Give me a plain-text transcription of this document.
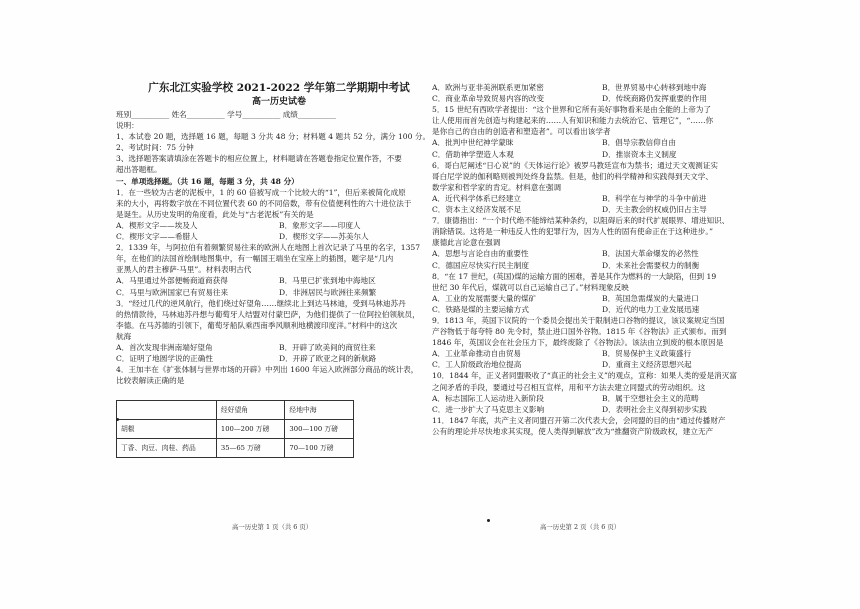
广东北江实验学校 2021-2022 学年第二学期期中考试
高一历史试卷
班别__________ 姓名__________ 学号__________ 成绩__________
说明：
1、本试卷 20 题，选择题 16 题，每题 3 分共 48 分；材料题 4 题共 52 分，满分 100 分。
2、考试时间：75 分钟
3、选择题答案请填涂在答题卡的相应位置上，材料题请在答题卷指定位置作答，不要
超出答题框。
一、单项选择题。（共 16 题，每题 3 分，共 48 分）
1．在一些较为古老的泥板中，1 的 60 倍被写成一个比较大的“1”，但后来被简化成原
来的大小，再将数字放在不同位置代表 60 的不同倍数，带有位值便利性的六十进位法于
是诞生。从历史发明的角度看，此处与“古老泥板”有关的是
A．楔形文字——埃及人	B．象形文字——印度人
C．楔形文字——希腊人	D．楔形文字——苏美尔人
2．1339 年，与阿拉伯有着频繁贸易往来的欧洲人在地图上首次记录了马里的名字，1357
年，在他们的法国首绘制地图集中，有一幅国王端坐在宝座上的插图，题字是“几内
亚黑人的君主穆萨·马里”。材料表明古代
A．马里通过外部便畅商道商获得	B．马里已扩张到地中海地区
C．马里与欧洲国家已有贸易往来	D．非洲居民与欧洲往来频繁
3．“经过几代的逆风航行，他们绕过好望角……继续北上到达马林迪，受到马林迪苏丹
的热情款待，马林迪苏丹想与葡萄牙人结盟对付蒙巴萨，为他们提供了一位阿拉伯领航员，
李德。在马苏德的引领下，葡萄牙船队乘西南季风顺利地横渡印度洋。”材料中的这次
航海
A．首次发现非洲南端好望角	B．开辟了欧美间的商贸往来
C．证明了地圆学说的正确性	D．开辟了欧亚之间的新航路
4．王加丰在《扩张体制与世界市场的开辟》中列出 1600 年运入欧洲部分商品的统计表，
比较表解读正确的是
	经好望角	经地中海
胡椒	100—200 万磅	300—100 万磅
丁香、肉豆、肉桂、药品	35—65 万磅	70—100 万磅
高一历史第 1 页（共 6 页）
A．欧洲与亚非美洲联系更加紧密	B．世界贸易中心转移到地中海
C．商业革命导致贸易内容的改变	D．传统商路仍发挥重要的作用
5．15 世纪有西欧学者提出：“这个世界和它所有美好事物看来是由全能的上帝为了
让人使用而首先创造与构建起来的……人有知识和能力去统治它、管理它”，“……你
是你自己的自由的创造者和塑造者”。可以看出该学者
A．批判中世纪神学蒙昧	B．倡导宗教信仰自由
C．借助神学塑造人本观	D．推崇资本主义制度
6．哥白尼阐述“日心说”的《天体运行论》被罗马教廷宣布为禁书；通过天文观测证实
哥白尼学说的伽利略则被判处终身监禁。但是，他们的科学精神和实践得到天文学、
数学家和哲学家的肯定。材料意在强调
A．近代科学体系已经建立	B．科学在与神学的斗争中前进
C．资本主义经济发展不足	D．天主教会的权威仍旧占主导
7．康德指出：“一个时代绝不能缔结某种条约，以阻碍后来的时代扩展眼界、增进知识、
消除错误。这将是一种违反人性的犯罪行为，因为人性的固有使命正在于这种进步。”
康德此言论意在强调
A．思想与言论自由的重要性	B．法国大革命爆发的必然性
C．德国应尽快实行民主制度	D．未来社会需要权力的制衡
8．“在 17 世纪，(英国)煤的运输方面的困难，普是其作为燃料的一大缺陷，但到 19
世纪 30 年代后，煤就可以自己运输自己了。”材料现象反映
A．工业的发展需要大量的煤矿	B．英国急需煤炭的大量进口
C．铁路是煤的主要运输方式	D．近代的电力工业发展迅速
9．1813 年，英国下议院的一个委员会提出关于限制进口谷物的提议，该议案规定当国
产谷物低于每夸特 80 先令时，禁止进口国外谷物。1815 年《谷物法》正式颁布。而到
1846 年，英国议会在社会压力下，最终废除了《谷物法》。该法由立到废的根本原因是
A．工业革命推动自由贸易	B．贸易保护主义政策盛行
C．工人阶级政治地位提高	D．重商主义经济思想兴起
10．1844 年，正义者同盟吸收了“真正的社会主义”的观点，宣称：如果人类的爱是消灭富
之间矛盾的手段，要通过号召相互宣样，用和平方法去建立同盟式的劳动组织。这
A．标志国际工人运动进入新阶段	B．属于空想社会主义的范畴
C．进一步扩大了马克思主义影响	D．表明社会主义得到初步实践
11．1847 年底，共产主义者同盟召开第二次代表大会，会同盟的目的由“通过传播财产
公有的理论并尽快地求其实现，使人类得到解放”改为“推翻资产阶级政权，建立无产
高一历史第 2 页（共 6 页）
